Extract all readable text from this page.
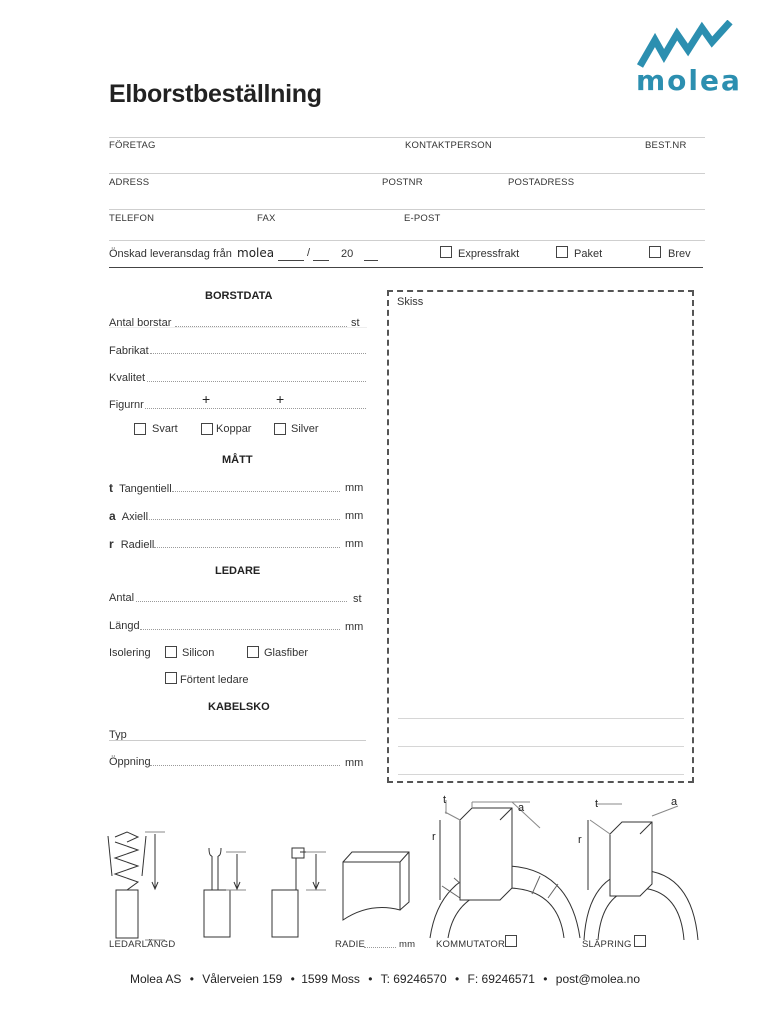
molea
Elborstbeställning
FÖRETAG	KONTAKTPERSON	BEST.NR
ADRESS	POSTNR	POSTADRESS
TELEFON	FAX	E-POST
Önskad leveransdag från molea	/	20	Expressfrakt	Paket	Brev
BORSTDATA
Antal borstar	st
Fabrikat
Kvalitet
Figurnr	+	+
Svart	Koppar	Silver
MÅTT
t Tangentiell	mm
a Axiell	mm
r Radiell	mm
LEDARE
Antal	st
Längd	mm
Isolering	Silicon	Glasfiber
Förtent ledare
KABELSKO
Typ
Öppning	mm
Skiss
t
a
r
t	a
r
LEDARLÄNGD	RADIE	mm KOMMUTATOR	SLÄPRING
Molea AS • Vålerveien 159 • 1599 Moss • T: 69246570 • F: 69246571 • post@molea.no
